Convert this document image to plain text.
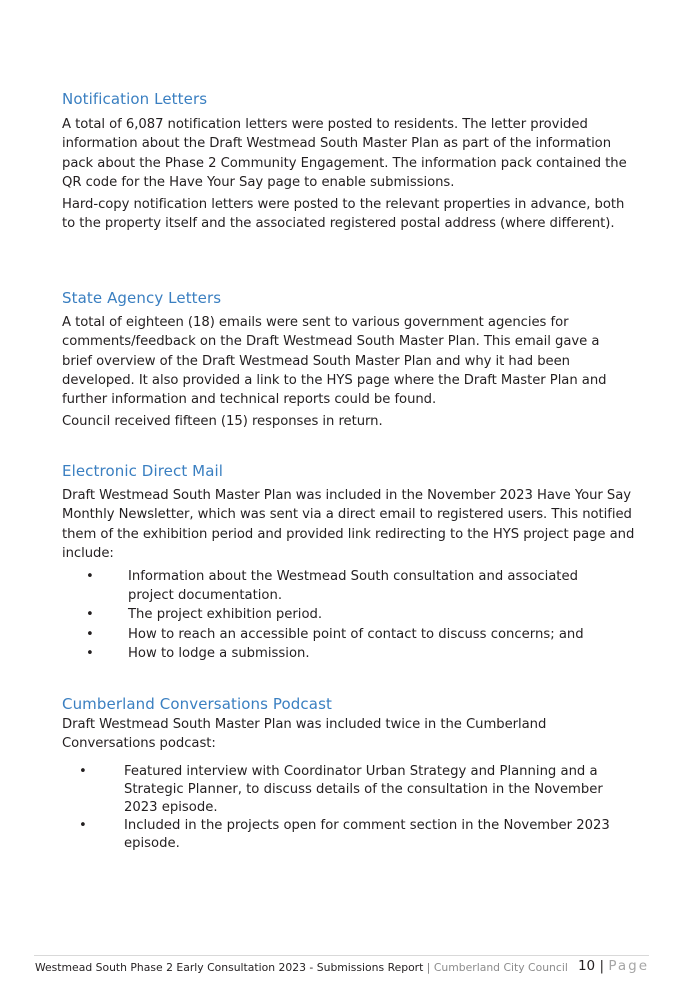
Notification Letters

A total of 6,087 notification letters were posted to residents. The letter provided information about the Draft Westmead South Master Plan as part of the information pack about the Phase 2 Community Engagement. The information pack contained the QR code for the Have Your Say page to enable submissions.

Hard-copy notification letters were posted to the relevant properties in advance, both to the property itself and the associated registered postal address (where different).

State Agency Letters

A total of eighteen (18) emails were sent to various government agencies for comments/feedback on the Draft Westmead South Master Plan. This email gave a brief overview of the Draft Westmead South Master Plan and why it had been developed. It also provided a link to the HYS page where the Draft Master Plan and further information and technical reports could be found.

Council received fifteen (15) responses in return.

Electronic Direct Mail

Draft Westmead South Master Plan was included in the November 2023 Have Your Say Monthly Newsletter, which was sent via a direct email to registered users. This notified them of the exhibition period and provided link redirecting to the HYS project page and include:

•	Information about the Westmead South consultation and associated project documentation.
•	The project exhibition period.
•	How to reach an accessible point of contact to discuss concerns; and
•	How to lodge a submission.
Cumberland Conversations Podcast

Draft Westmead South Master Plan was included twice in the Cumberland Conversations podcast:

•	Featured interview with Coordinator Urban Strategy and Planning and a Strategic Planner, to discuss details of the consultation in the November 2023 episode.
•	Included in the projects open for comment section in the November 2023 episode.
Westmead South Phase 2 Early Consultation 2023 - Submissions Report | Cumberland City Council 10 | Page
